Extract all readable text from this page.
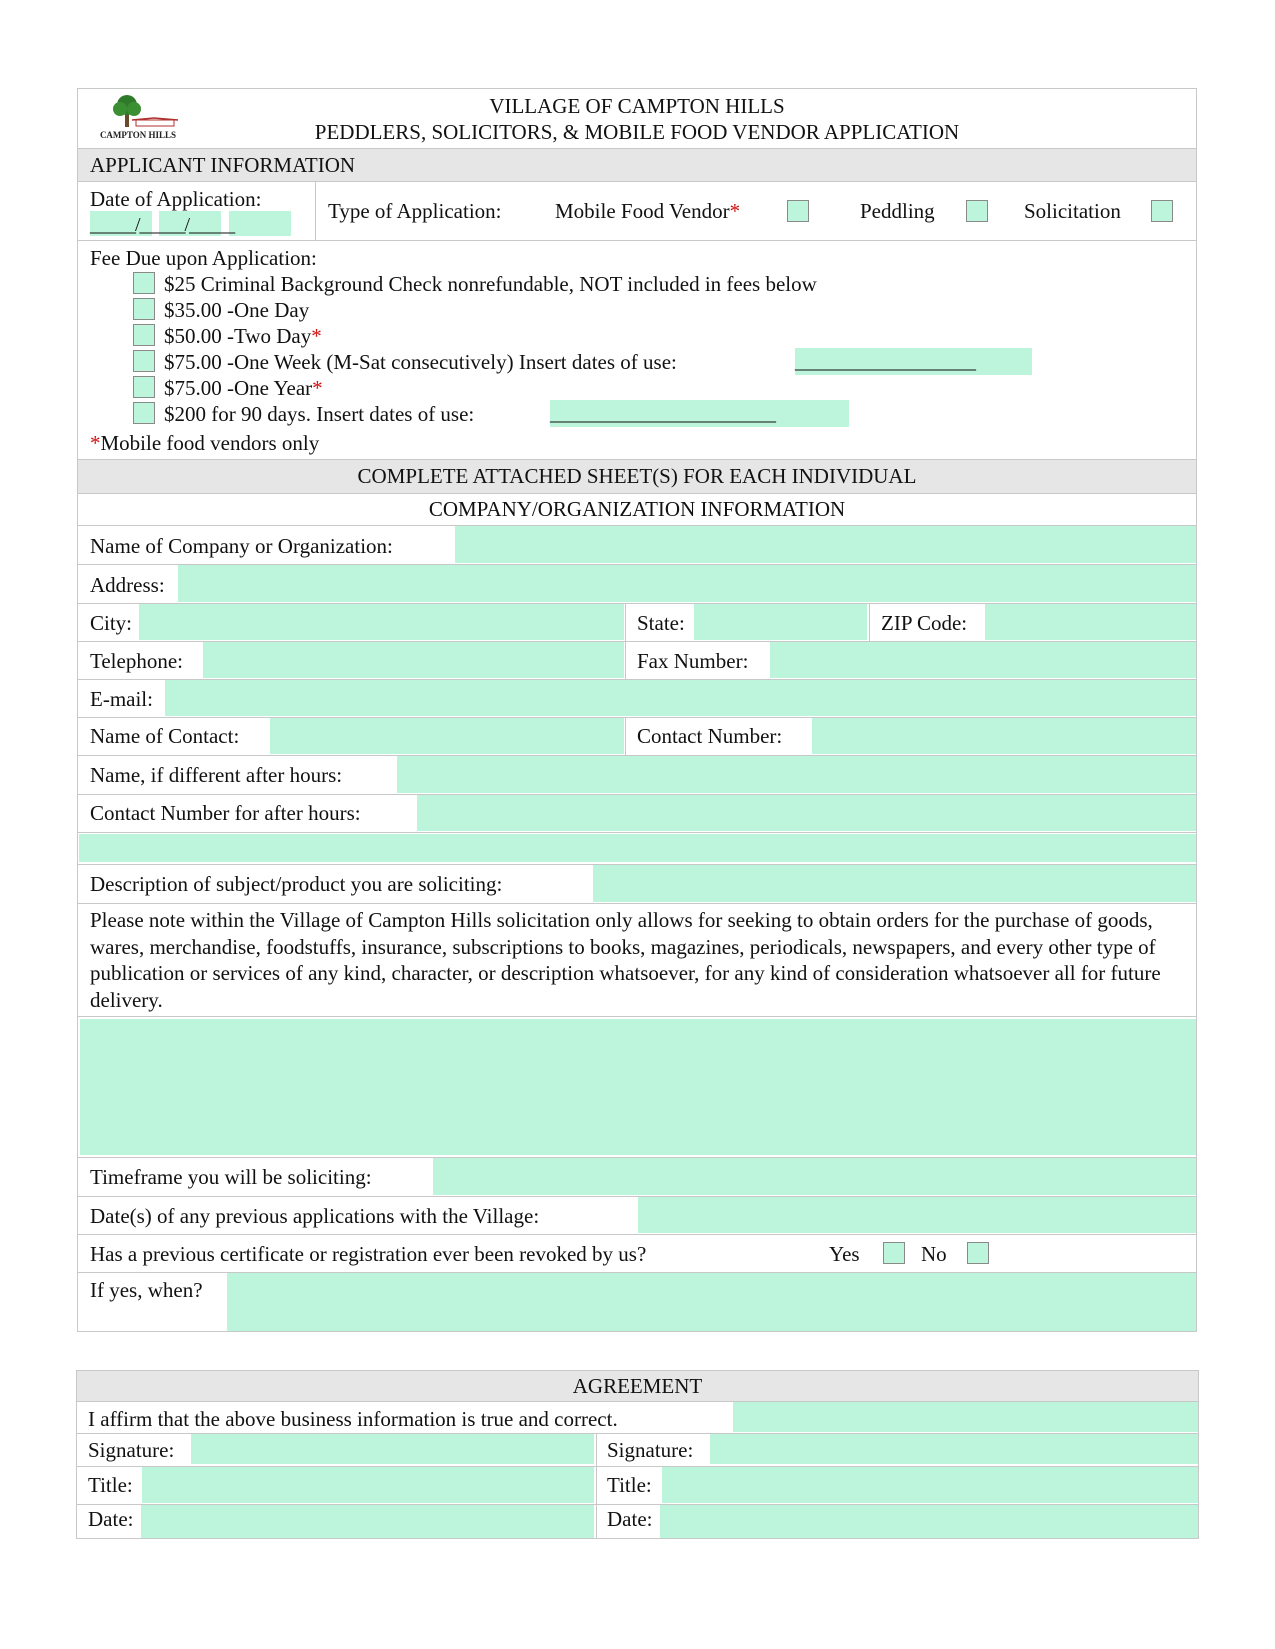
CAMPTON HILLS
VILLAGE OF CAMPTON HILLS
PEDDLERS, SOLICITORS, & MOBILE FOOD VENDOR APPLICATION
APPLICANT INFORMATION
Date of Application:
_____/_____/_____
Type of Application:	Mobile Food Vendor*	Peddling	Solicitation
Fee Due upon Application:
$25 Criminal Background Check nonrefundable, NOT included in fees below
$35.00 -One Day
$50.00 -Two Day*
$75.00 -One Week (M-Sat consecutively) Insert dates of use:	____________________
$75.00 -One Year*
$200 for 90 days. Insert dates of use:	_________________________
*Mobile food vendors only
COMPLETE ATTACHED SHEET(S) FOR EACH INDIVIDUAL
COMPANY/ORGANIZATION INFORMATION
Name of Company or Organization:
Address:
City:	State:	ZIP Code:
Telephone:	Fax Number:
E-mail:
Name of Contact:	Contact Number:
Name, if different after hours:
Contact Number for after hours:
Description of subject/product you are soliciting:
Please note within the Village of Campton Hills solicitation only allows for seeking to obtain orders for the purchase of goods, wares, merchandise, foodstuffs, insurance, subscriptions to books, magazines, periodicals, newspapers, and every other type of publication or services of any kind, character, or description whatsoever, for any kind of consideration whatsoever all for future delivery.
Timeframe you will be soliciting:
Date(s) of any previous applications with the Village:
Has a previous certificate or registration ever been revoked by us?	Yes	No
If yes, when?
AGREEMENT
I affirm that the above business information is true and correct.
Signature:	Signature:
Title:	Title:
Date:	Date:
